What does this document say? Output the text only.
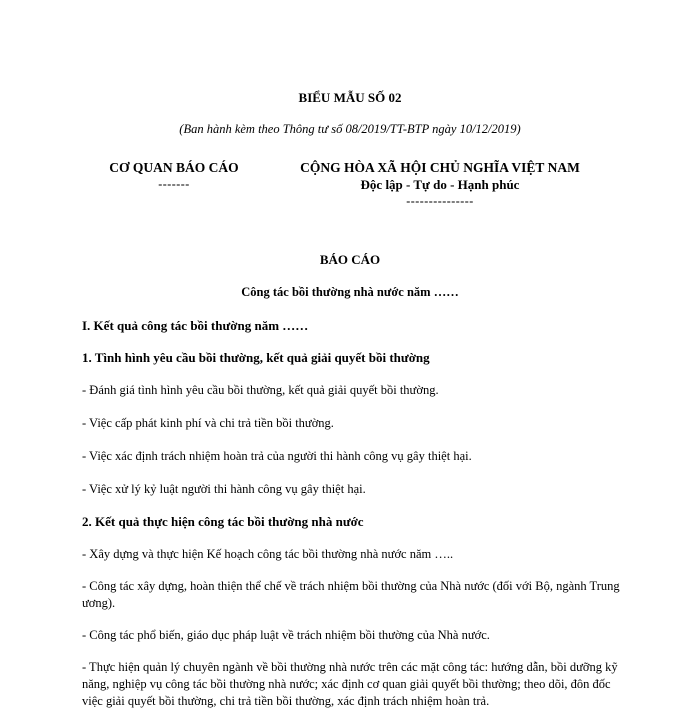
BIỂU MẪU SỐ 02

(Ban hành kèm theo Thông tư số 08/2019/TT-BTP ngày 10/12/2019)

CƠ QUAN BÁO CÁO
-------
CỘNG HÒA XÃ HỘI CHỦ NGHĨA VIỆT NAM
Độc lập - Tự do - Hạnh phúc
---------------

BÁO CÁO

Công tác bồi thường nhà nước năm ……

I. Kết quả công tác bồi thường năm ……

1. Tình hình yêu cầu bồi thường, kết quả giải quyết bồi thường

- Đánh giá tình hình yêu cầu bồi thường, kết quả giải quyết bồi thường.

- Việc cấp phát kinh phí và chi trả tiền bồi thường.

- Việc xác định trách nhiệm hoàn trả của người thi hành công vụ gây thiệt hại.

- Việc xử lý kỷ luật người thi hành công vụ gây thiệt hại.

2. Kết quả thực hiện công tác bồi thường nhà nước

- Xây dựng và thực hiện Kế hoạch công tác bồi thường nhà nước năm …..

- Công tác xây dựng, hoàn thiện thể chế về trách nhiệm bồi thường của Nhà nước (đối với Bộ, ngành Trung ương).

- Công tác phổ biến, giáo dục pháp luật về trách nhiệm bồi thường của Nhà nước.

- Thực hiện quản lý chuyên ngành về bồi thường nhà nước trên các mặt công tác: hướng dẫn, bồi dưỡng kỹ năng, nghiệp vụ công tác bồi thường nhà nước; xác định cơ quan giải quyết bồi thường; theo dõi, đôn đốc việc giải quyết bồi thường, chi trả tiền bồi thường, xác định trách nhiệm hoàn trả.
